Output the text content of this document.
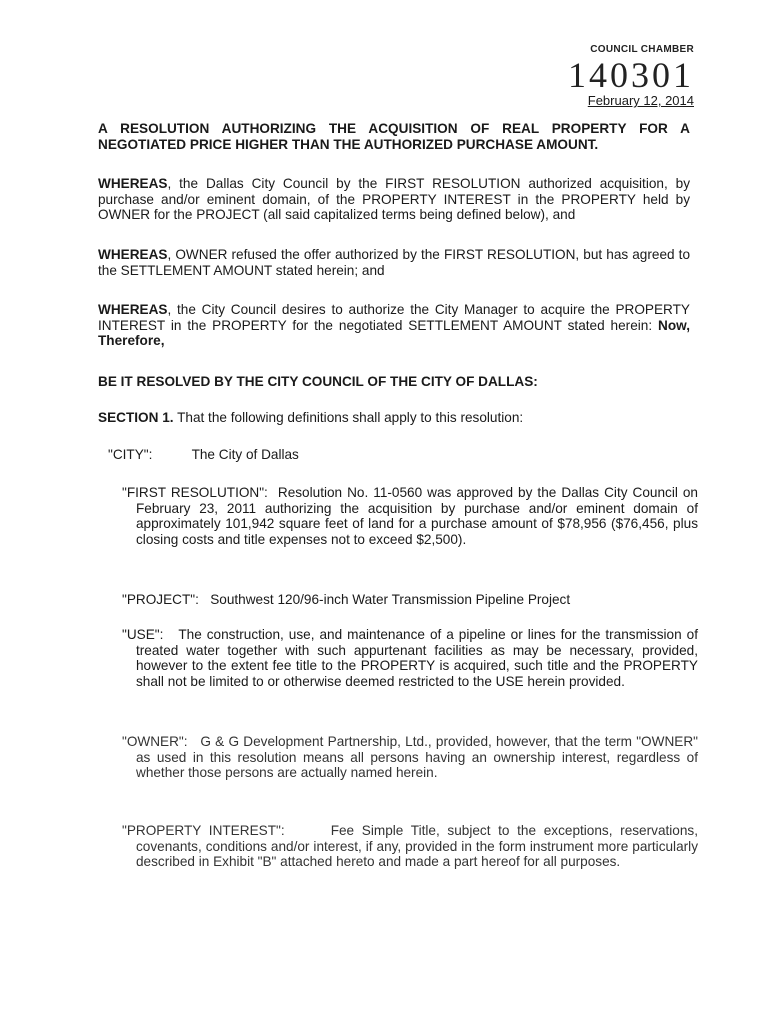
COUNCIL CHAMBER
140301
February 12, 2014
A RESOLUTION AUTHORIZING THE ACQUISITION OF REAL PROPERTY FOR A NEGOTIATED PRICE HIGHER THAN THE AUTHORIZED PURCHASE AMOUNT.
WHEREAS, the Dallas City Council by the FIRST RESOLUTION authorized acquisition, by purchase and/or eminent domain, of the PROPERTY INTEREST in the PROPERTY held by OWNER for the PROJECT (all said capitalized terms being defined below), and
WHEREAS, OWNER refused the offer authorized by the FIRST RESOLUTION, but has agreed to the SETTLEMENT AMOUNT stated herein; and
WHEREAS, the City Council desires to authorize the City Manager to acquire the PROPERTY INTEREST in the PROPERTY for the negotiated SETTLEMENT AMOUNT stated herein: Now, Therefore,
BE IT RESOLVED BY THE CITY COUNCIL OF THE CITY OF DALLAS:
SECTION 1. That the following definitions shall apply to this resolution:
"CITY":	The City of Dallas
"FIRST RESOLUTION": Resolution No. 11-0560 was approved by the Dallas City Council on February 23, 2011 authorizing the acquisition by purchase and/or eminent domain of approximately 101,942 square feet of land for a purchase amount of $78,956 ($76,456, plus closing costs and title expenses not to exceed $2,500).
"PROJECT": Southwest 120/96-inch Water Transmission Pipeline Project
"USE": The construction, use, and maintenance of a pipeline or lines for the transmission of treated water together with such appurtenant facilities as may be necessary, provided, however to the extent fee title to the PROPERTY is acquired, such title and the PROPERTY shall not be limited to or otherwise deemed restricted to the USE herein provided.
"OWNER": G & G Development Partnership, Ltd., provided, however, that the term "OWNER" as used in this resolution means all persons having an ownership interest, regardless of whether those persons are actually named herein.
"PROPERTY INTEREST":	Fee Simple Title, subject to the exceptions, reservations, covenants, conditions and/or interest, if any, provided in the form instrument more particularly described in Exhibit "B" attached hereto and made a part hereof for all purposes.
